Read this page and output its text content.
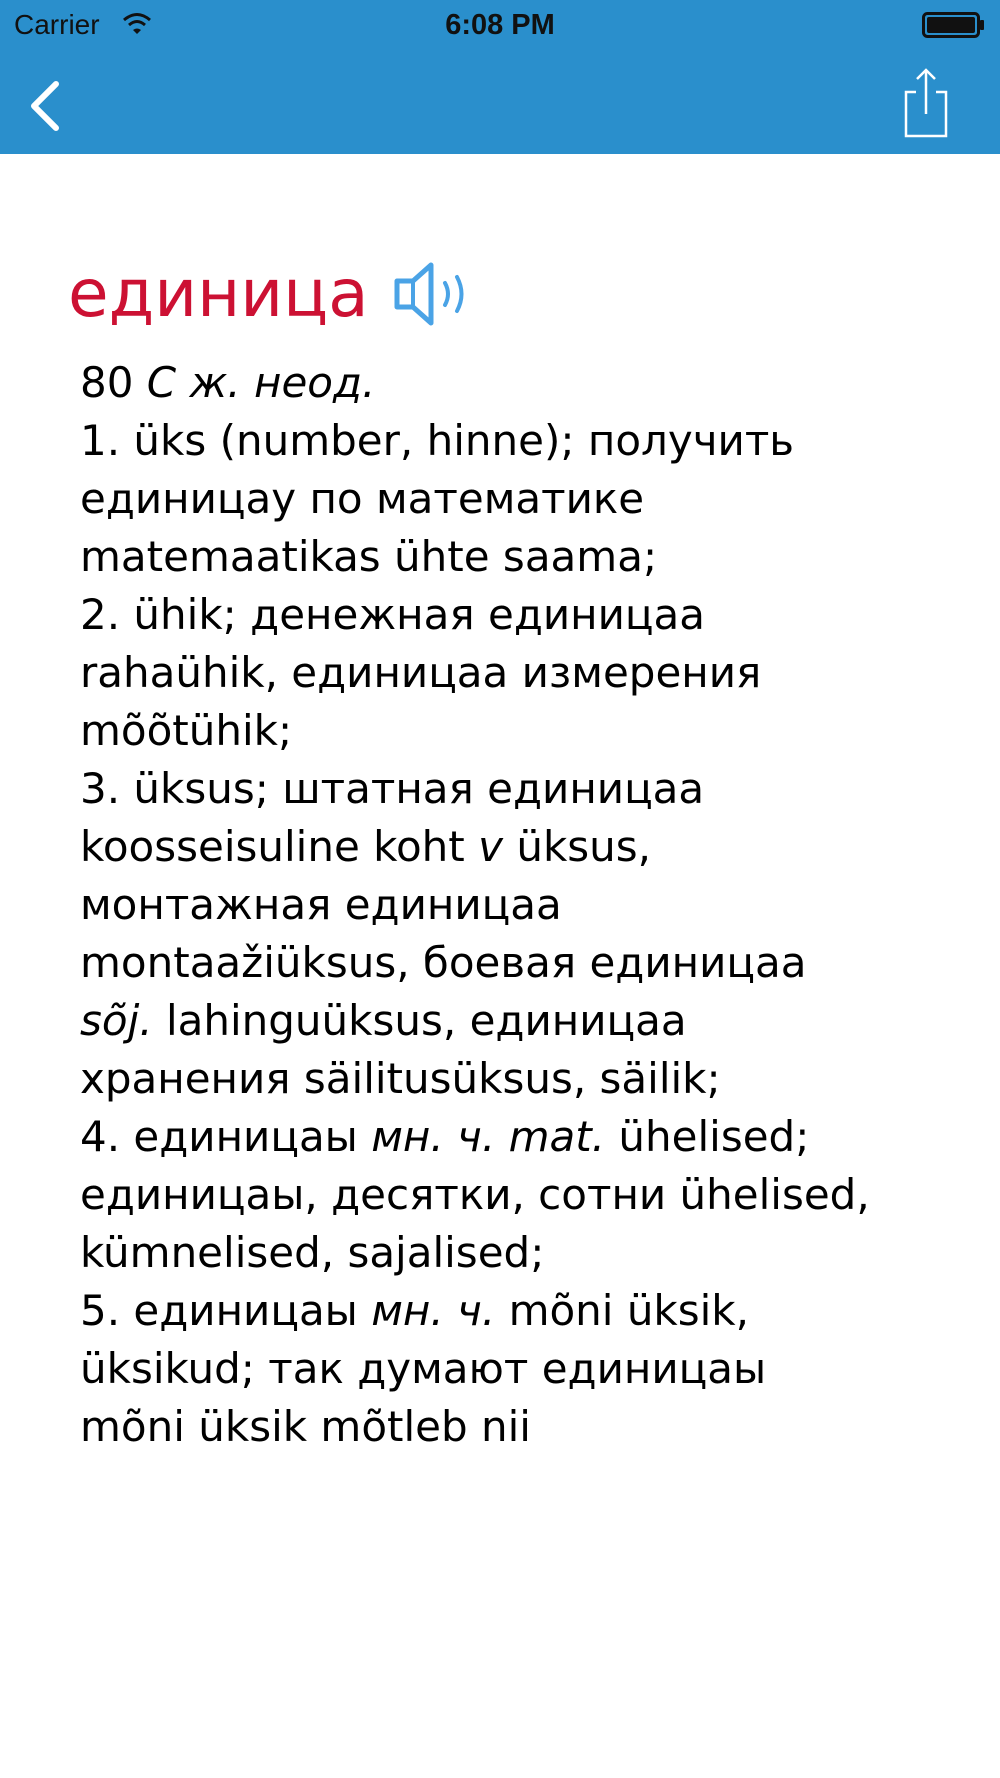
Carrier	6:08 PM
единица
80 С ж. неод.
1. üks (number, hinne); получить
единицау по математике
matemaatikas ühte saama;
2. ühik; денежная единицаа
rahaühik, единицаа измерения
mõõtühik;
3. üksus; штатная единицаа
koosseisuline koht v üksus,
монтажная единицаа
montaažiüksus, боевая единицаа
sõj. lahinguüksus, единицаа
хранения säilitusüksus, säilik;
4. единицаы мн. ч. mat. ühelised;
единицаы, десятки, сотни ühelised,
kümnelised, sajalised;
5. единицаы мн. ч. mõni üksik,
üksikud; так думают единицаы
mõni üksik mõtleb nii
